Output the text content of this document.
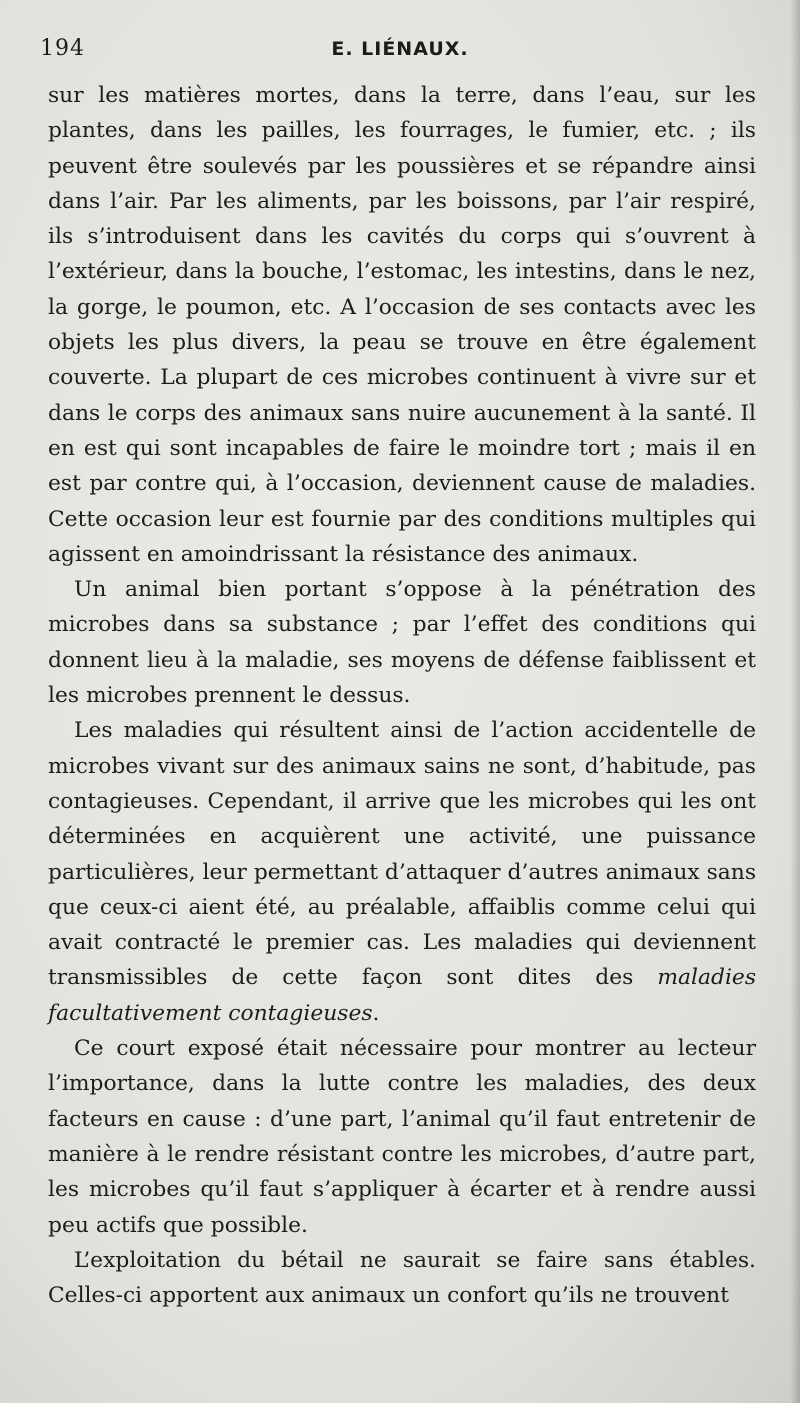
194	E. LIÉNAUX.

sur les matières mortes, dans la terre, dans l’eau, sur les plantes, dans les pailles, les fourrages, le fumier, etc. ; ils peuvent être soulevés par les poussières et se répandre ainsi dans l’air. Par les aliments, par les boissons, par l’air respiré, ils s’introduisent dans les cavités du corps qui s’ouvrent à l’extérieur, dans la bouche, l’estomac, les intestins, dans le nez, la gorge, le poumon, etc. A l’occasion de ses contacts avec les objets les plus divers, la peau se trouve en être également couverte. La plupart de ces microbes continuent à vivre sur et dans le corps des animaux sans nuire aucunement à la santé. Il en est qui sont incapables de faire le moindre tort ; mais il en est par contre qui, à l’occasion, deviennent cause de maladies. Cette occasion leur est fournie par des conditions multiples qui agissent en amoindrissant la résistance des animaux.

Un animal bien portant s’oppose à la pénétration des microbes dans sa substance ; par l’effet des conditions qui donnent lieu à la maladie, ses moyens de défense faiblissent et les microbes prennent le dessus.

Les maladies qui résultent ainsi de l’action accidentelle de microbes vivant sur des animaux sains ne sont, d’habitude, pas contagieuses. Cependant, il arrive que les microbes qui les ont déterminées en acquièrent une activité, une puissance particulières, leur permettant d’attaquer d’autres animaux sans que ceux-ci aient été, au préalable, affaiblis comme celui qui avait contracté le premier cas. Les maladies qui deviennent transmissibles de cette façon sont dites des maladies facultativement contagieuses.

Ce court exposé était nécessaire pour montrer au lecteur l’importance, dans la lutte contre les maladies, des deux facteurs en cause : d’une part, l’animal qu’il faut entretenir de manière à le rendre résistant contre les microbes, d’autre part, les microbes qu’il faut s’appliquer à écarter et à rendre aussi peu actifs que possible.

L’exploitation du bétail ne saurait se faire sans étables. Celles-ci apportent aux animaux un confort qu’ils ne trouvent
